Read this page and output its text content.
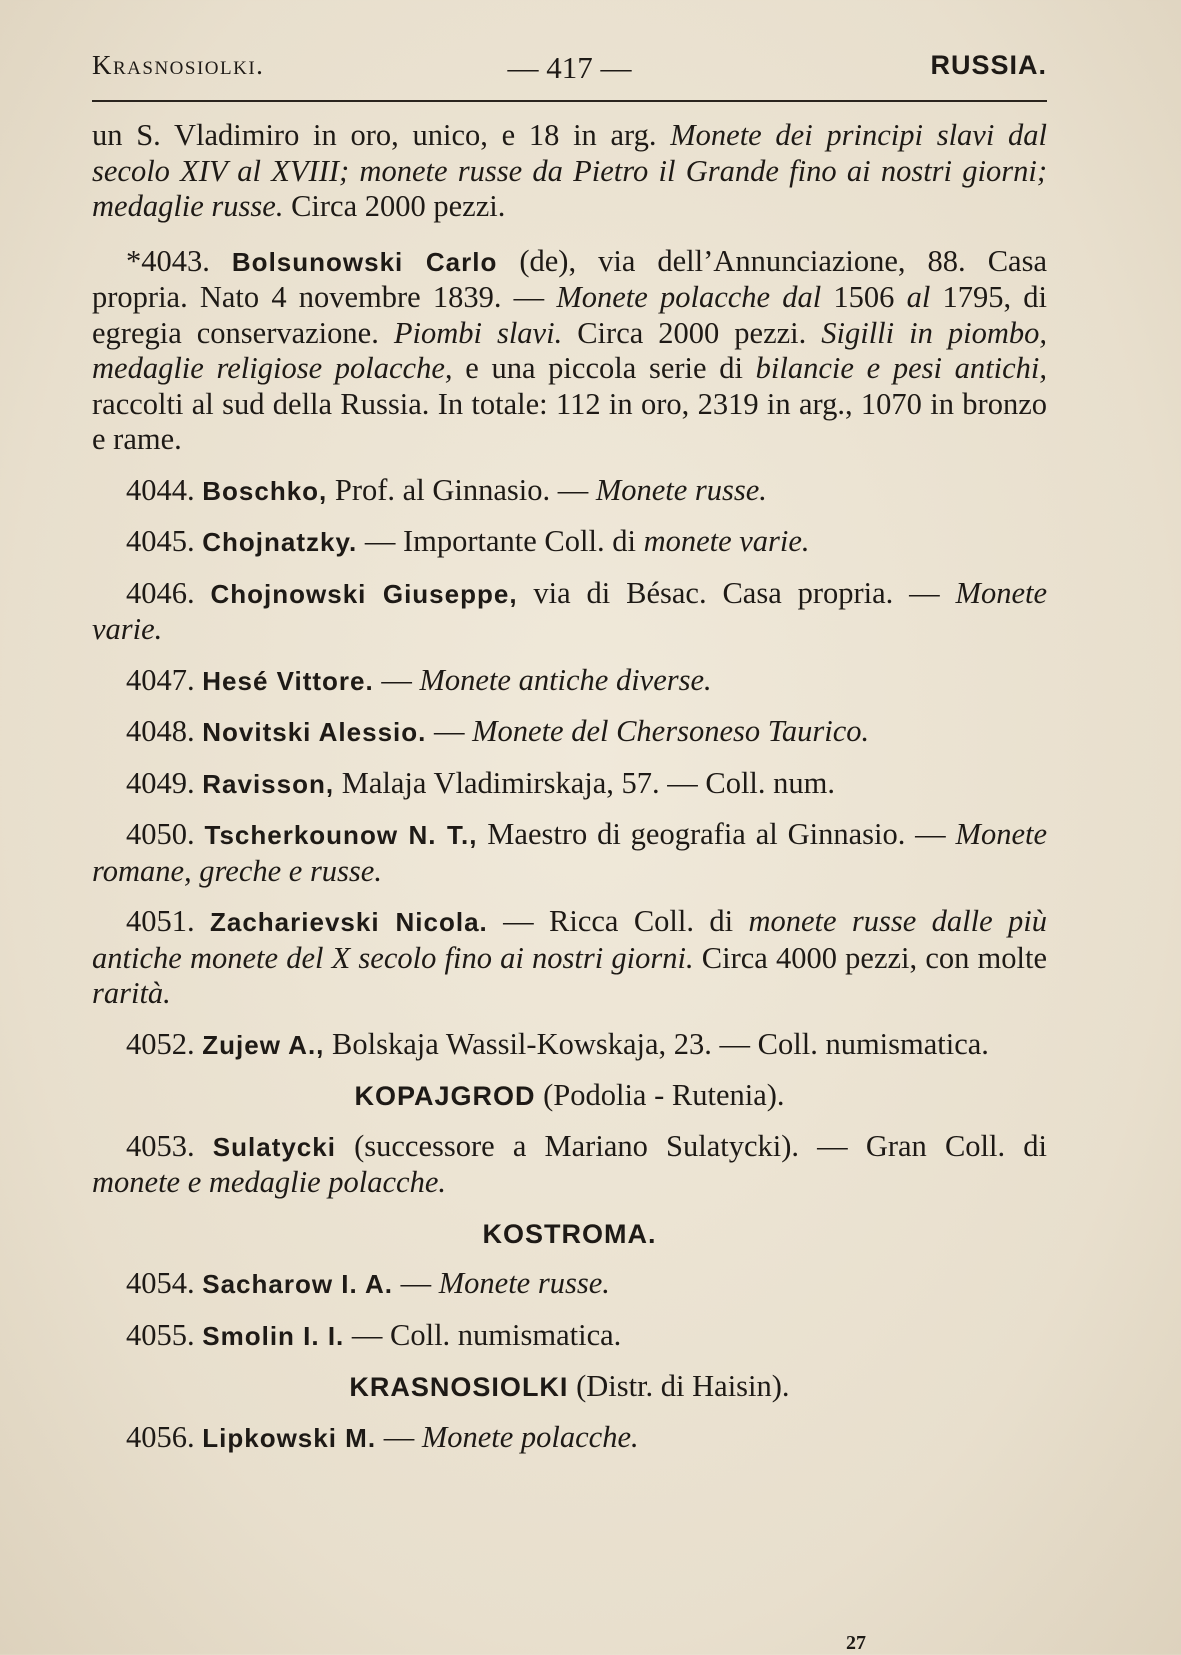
Krasnosiolki.	— 417 —	RUSSIA.

un S. Vladimiro in oro, unico, e 18 in arg. Monete dei principi slavi dal secolo XIV al XVIII; monete russe da Pietro il Grande fino ai nostri giorni; medaglie russe. Circa 2000 pezzi.

*4043. Bolsunowski Carlo (de), via dell’Annunciazione, 88. Casa propria. Nato 4 novembre 1839. — Monete polacche dal 1506 al 1795, di egregia conservazione. Piombi slavi. Circa 2000 pezzi. Sigilli in piombo, medaglie religiose polacche, e una piccola serie di bilancie e pesi antichi, raccolti al sud della Russia. In totale: 112 in oro, 2319 in arg., 1070 in bronzo e rame.

4044. Boschko, Prof. al Ginnasio. — Monete russe.

4045. Chojnatzky. — Importante Coll. di monete varie.

4046. Chojnowski Giuseppe, via di Bésac. Casa propria. — Monete varie.

4047. Hesé Vittore. — Monete antiche diverse.

4048. Novitski Alessio. — Monete del Chersoneso Taurico.

4049. Ravisson, Malaja Vladimirskaja, 57. — Coll. num.

4050. Tscherkounow N. T., Maestro di geografia al Ginnasio. — Monete romane, greche e russe.

4051. Zacharievski Nicola. — Ricca Coll. di monete russe dalle più antiche monete del X secolo fino ai nostri giorni. Circa 4000 pezzi, con molte rarità.

4052. Zujew A., Bolskaja Wassil-Kowskaja, 23. — Coll. numismatica.

KOPAJGROD (Podolia - Rutenia).

4053. Sulatycki (successore a Mariano Sulatycki). — Gran Coll. di monete e medaglie polacche.

KOSTROMA.

4054. Sacharow I. A. — Monete russe.

4055. Smolin I. I. — Coll. numismatica.

KRASNOSIOLKI (Distr. di Haisin).

4056. Lipkowski M. — Monete polacche.

27
